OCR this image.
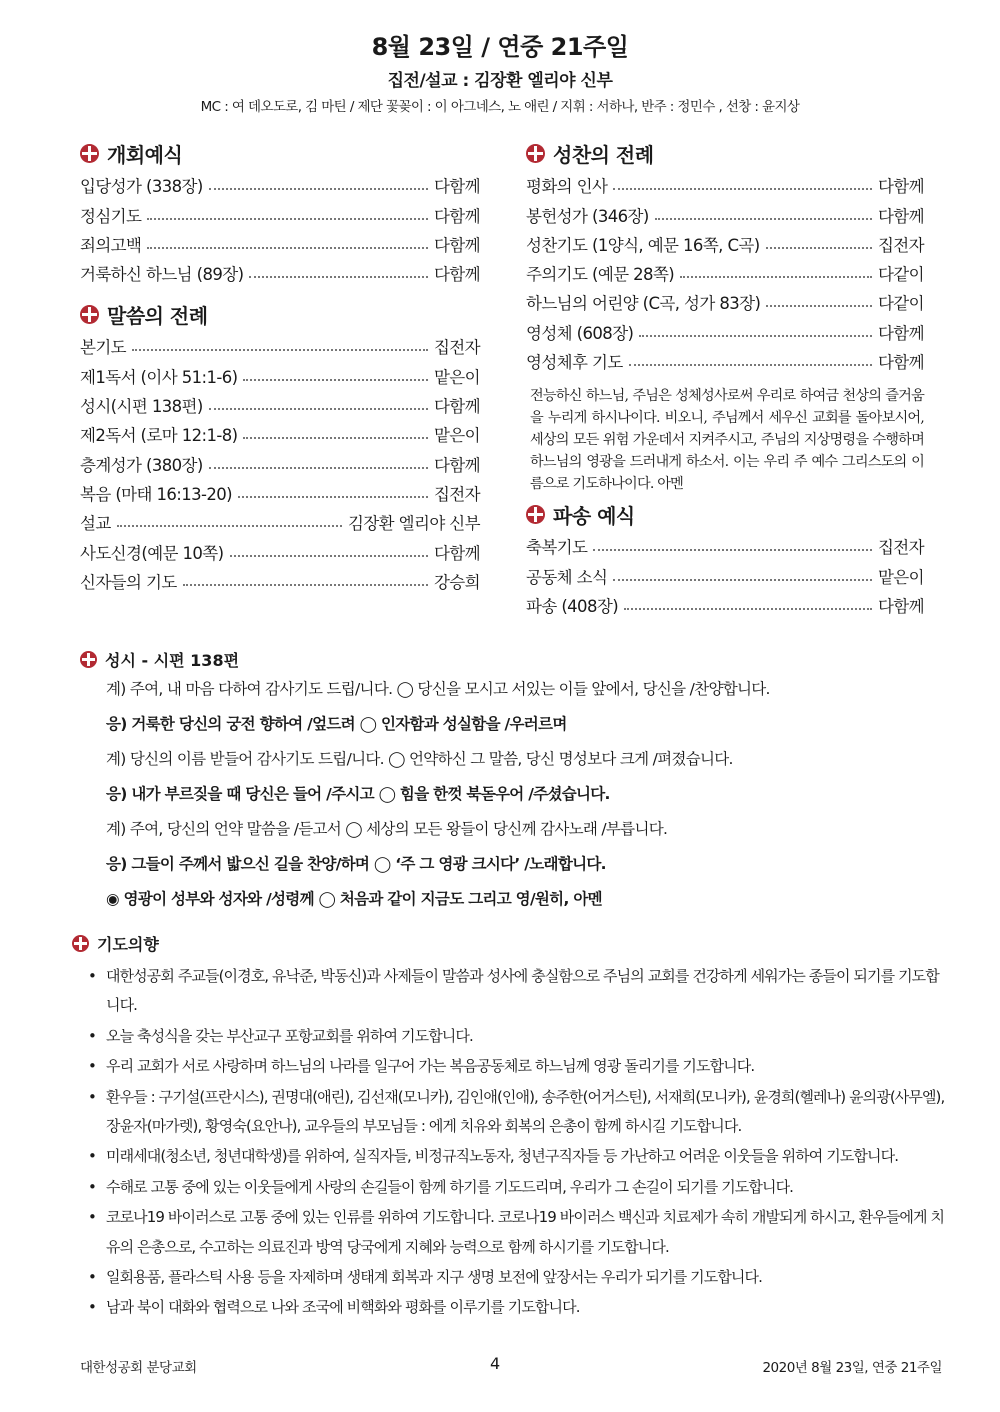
8월 23일 / 연중 21주일
집전/설교 : 김장환 엘리야 신부
MC : 여 데오도로, 김 마틴 / 제단 꽃꽂이 : 이 아그네스, 노 애린 / 지휘 : 서하나, 반주 : 정민수 , 선창 : 윤지상
개회예식
입당성가 (338장)	다함께
정심기도	다함께
죄의고백	다함께
거룩하신 하느님 (89장)	다함께
말씀의 전례
본기도	집전자
제1독서 (이사 51:1-6)	맡은이
성시(시편 138편)	다함께
제2독서 (로마 12:1-8)	맡은이
층계성가 (380장)	다함께
복음 (마태 16:13-20)	집전자
설교	김장환 엘리야 신부
사도신경(예문 10쪽)	다함께
신자들의 기도	강승희
성찬의 전례
평화의 인사	다함께
봉헌성가 (346장)	다함께
성찬기도 (1양식, 예문 16쪽, C곡)	집전자
주의기도 (예문 28쪽)	다같이
하느님의 어린양 (C곡, 성가 83장)	다같이
영성체 (608장)	다함께
영성체후 기도	다함께
전능하신 하느님, 주님은 성체성사로써 우리로 하여금 천상의 즐거움을 누리게 하시나이다. 비오니, 주님께서 세우신 교회를 돌아보시어, 세상의 모든 위험 가운데서 지켜주시고, 주님의 지상명령을 수행하며 하느님의 영광을 드러내게 하소서. 이는 우리 주 예수 그리스도의 이름으로 기도하나이다. 아멘
파송 예식
축복기도	집전자
공동체 소식	맡은이
파송 (408장)	다함께
성시 - 시편 138편
계) 주여, 내 마음 다하여 감사기도 드립/니다. ◯ 당신을 모시고 서있는 이들 앞에서, 당신을 /찬양합니다.
응) 거룩한 당신의 궁전 향하여 /엎드려 ◯ 인자함과 성실함을 /우러르며
계) 당신의 이름 받들어 감사기도 드립/니다. ◯ 언약하신 그 말씀, 당신 명성보다 크게 /펴졌습니다.
응) 내가 부르짖을 때 당신은 들어 /주시고 ◯ 힘을 한껏 북돋우어 /주셨습니다.
계) 주여, 당신의 언약 말씀을 /듣고서 ◯ 세상의 모든 왕들이 당신께 감사노래 /부릅니다.
응) 그들이 주께서 밟으신 길을 찬양/하며 ◯ ‘주 그 영광 크시다’ /노래합니다.
◉ 영광이 성부와 성자와 /성령께 ◯ 처음과 같이 지금도 그리고 영/원히, 아멘
기도의향
• 대한성공회 주교들(이경호, 유낙준, 박동신)과 사제들이 말씀과 성사에 충실함으로 주님의 교회를 건강하게 세워가는 종들이 되기를 기도합니다.
• 오늘 축성식을 갖는 부산교구 포항교회를 위하여 기도합니다.
• 우리 교회가 서로 사랑하며 하느님의 나라를 일구어 가는 복음공동체로 하느님께 영광 돌리기를 기도합니다.
• 환우들 : 구기설(프란시스), 권명대(애린), 김선재(모니카), 김인애(인애), 송주한(어거스틴), 서재희(모니카), 윤경희(헬레나) 윤의광(사무엘), 장윤자(마가렛), 황영숙(요안나), 교우들의 부모님들 : 에게 치유와 회복의 은총이 함께 하시길 기도합니다.
• 미래세대(청소년, 청년대학생)를 위하여, 실직자들, 비정규직노동자, 청년구직자들 등 가난하고 어려운 이웃들을 위하여 기도합니다.
• 수해로 고통 중에 있는 이웃들에게 사랑의 손길들이 함께 하기를 기도드리며, 우리가 그 손길이 되기를 기도합니다.
• 코로나19 바이러스로 고통 중에 있는 인류를 위하여 기도합니다. 코로나19 바이러스 백신과 치료제가 속히 개발되게 하시고, 환우들에게 치유의 은총으로, 수고하는 의료진과 방역 당국에게 지혜와 능력으로 함께 하시기를 기도합니다.
• 일회용품, 플라스틱 사용 등을 자제하며 생태계 회복과 지구 생명 보전에 앞장서는 우리가 되기를 기도합니다.
• 남과 북이 대화와 협력으로 나와 조국에 비핵화와 평화를 이루기를 기도합니다.
대한성공회 분당교회	4	2020년 8월 23일, 연중 21주일
